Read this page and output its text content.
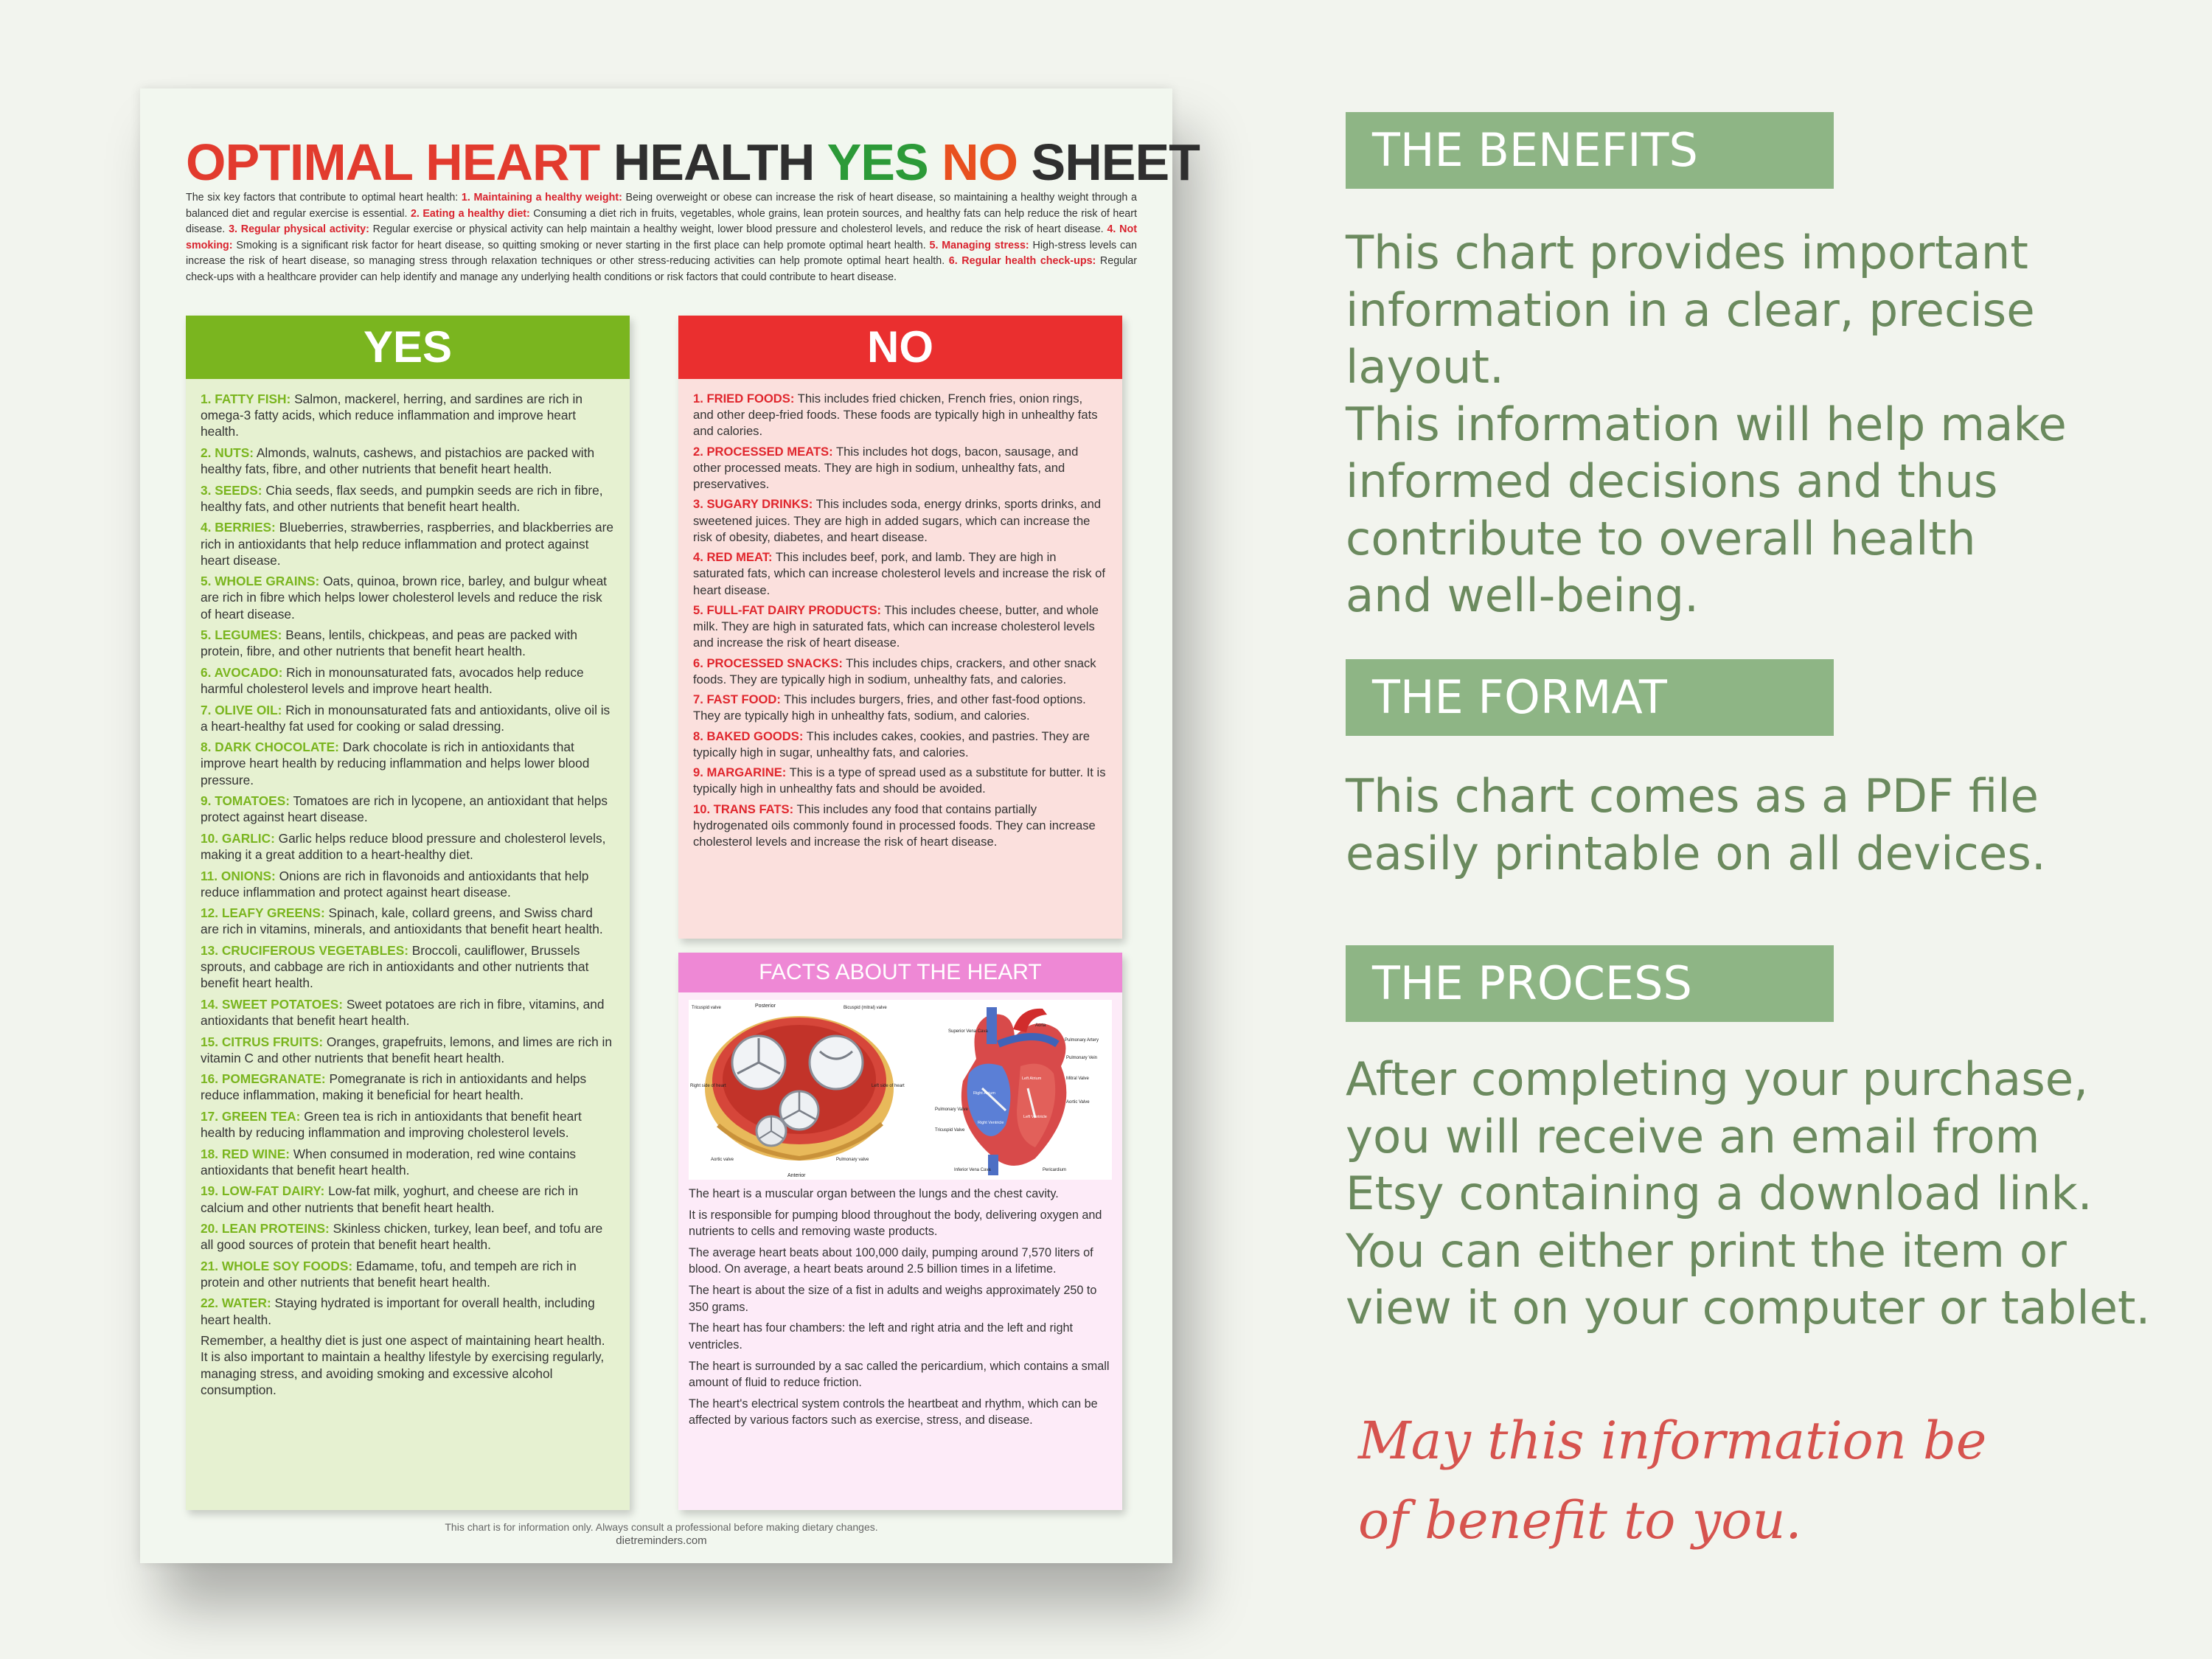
OPTIMAL HEART HEALTH YES NO SHEET
The six key factors that contribute to optimal heart health: 1. Maintaining a healthy weight: Being overweight or obese can increase the risk of heart disease, so maintaining a healthy weight through a balanced diet and regular exercise is essential. 2. Eating a healthy diet: Consuming a diet rich in fruits, vegetables, whole grains, lean protein sources, and healthy fats can help reduce the risk of heart disease. 3. Regular physical activity: Regular exercise or physical activity can help maintain a healthy weight, lower blood pressure and cholesterol levels, and reduce the risk of heart disease. 4. Not smoking: Smoking is a significant risk factor for heart disease, so quitting smoking or never starting in the first place can help promote optimal heart health. 5. Managing stress: High-stress levels can increase the risk of heart disease, so managing stress through relaxation techniques or other stress-reducing activities can help promote optimal heart health. 6. Regular health check-ups: Regular check-ups with a healthcare provider can help identify and manage any underlying health conditions or risk factors that could contribute to heart disease.
YES

1. FATTY FISH: Salmon, mackerel, herring, and sardines are rich in omega-3 fatty acids, which reduce inflammation and improve heart health.

2. NUTS: Almonds, walnuts, cashews, and pistachios are packed with healthy fats, fibre, and other nutrients that benefit heart health.

3. SEEDS: Chia seeds, flax seeds, and pumpkin seeds are rich in fibre, healthy fats, and other nutrients that benefit heart health.

4. BERRIES: Blueberries, strawberries, raspberries, and blackberries are rich in antioxidants that help reduce inflammation and protect against heart disease.

5. WHOLE GRAINS: Oats, quinoa, brown rice, barley, and bulgur wheat are rich in fibre which helps lower cholesterol levels and reduce the risk of heart disease.

5. LEGUMES: Beans, lentils, chickpeas, and peas are packed with protein, fibre, and other nutrients that benefit heart health.

6. AVOCADO: Rich in monounsaturated fats, avocados help reduce harmful cholesterol levels and improve heart health.

7. OLIVE OIL: Rich in monounsaturated fats and antioxidants, olive oil is a heart-healthy fat used for cooking or salad dressing.

8. DARK CHOCOLATE: Dark chocolate is rich in antioxidants that improve heart health by reducing inflammation and helps lower blood pressure.

9. TOMATOES: Tomatoes are rich in lycopene, an antioxidant that helps protect against heart disease.

10. GARLIC: Garlic helps reduce blood pressure and cholesterol levels, making it a great addition to a heart-healthy diet.

11. ONIONS: Onions are rich in flavonoids and antioxidants that help reduce inflammation and protect against heart disease.

12. LEAFY GREENS: Spinach, kale, collard greens, and Swiss chard are rich in vitamins, minerals, and antioxidants that benefit heart health.

13. CRUCIFEROUS VEGETABLES: Broccoli, cauliflower, Brussels sprouts, and cabbage are rich in antioxidants and other nutrients that benefit heart health.

14. SWEET POTATOES: Sweet potatoes are rich in fibre, vitamins, and antioxidants that benefit heart health.

15. CITRUS FRUITS: Oranges, grapefruits, lemons, and limes are rich in vitamin C and other nutrients that benefit heart health.

16. POMEGRANATE: Pomegranate is rich in antioxidants and helps reduce inflammation, making it beneficial for heart health.

17. GREEN TEA: Green tea is rich in antioxidants that benefit heart health by reducing inflammation and improving cholesterol levels.

18. RED WINE: When consumed in moderation, red wine contains antioxidants that benefit heart health.

19. LOW-FAT DAIRY: Low-fat milk, yoghurt, and cheese are rich in calcium and other nutrients that benefit heart health.

20. LEAN PROTEINS: Skinless chicken, turkey, lean beef, and tofu are all good sources of protein that benefit heart health.

21. WHOLE SOY FOODS: Edamame, tofu, and tempeh are rich in protein and other nutrients that benefit heart health.

22. WATER: Staying hydrated is important for overall health, including heart health.

Remember, a healthy diet is just one aspect of maintaining heart health. It is also important to maintain a healthy lifestyle by exercising regularly, managing stress, and avoiding smoking and excessive alcohol consumption.

NO

1. FRIED FOODS: This includes fried chicken, French fries, onion rings, and other deep-fried foods. These foods are typically high in unhealthy fats and calories.

2. PROCESSED MEATS: This includes hot dogs, bacon, sausage, and other processed meats. They are high in sodium, unhealthy fats, and preservatives.

3. SUGARY DRINKS: This includes soda, energy drinks, sports drinks, and sweetened juices. They are high in added sugars, which can increase the risk of obesity, diabetes, and heart disease.

4. RED MEAT: This includes beef, pork, and lamb. They are high in saturated fats, which can increase cholesterol levels and increase the risk of heart disease.

5. FULL-FAT DAIRY PRODUCTS: This includes cheese, butter, and whole milk. They are high in saturated fats, which can increase cholesterol levels and increase the risk of heart disease.

6. PROCESSED SNACKS: This includes chips, crackers, and other snack foods. They are typically high in sodium, unhealthy fats, and calories.

7. FAST FOOD: This includes burgers, fries, and other fast-food options. They are typically high in unhealthy fats, sodium, and calories.

8. BAKED GOODS: This includes cakes, cookies, and pastries. They are typically high in sugar, unhealthy fats, and calories.

9. MARGARINE: This is a type of spread used as a substitute for butter. It is typically high in unhealthy fats and should be avoided.

10. TRANS FATS: This includes any food that contains partially hydrogenated oils commonly found in processed foods. They can increase cholesterol levels and increase the risk of heart disease.

FACTS ABOUT THE HEART
Posterior
Tricuspid valve	Bicuspid (mitral) valve
Right side of heart	Left side of heart
Aortic valve	Pulmonary valve
Anterior
Superior Vena Cava
Aorta
Pulmonary Artery
Pulmonary Vein
Mitral Valve
Aortic Valve
Pulmonary Valve
Tricuspid Valve
Inferior Vena Cava	Pericardium
Right Atrium
Left Atrium
Right Ventricle
Left Ventricle

The heart is a muscular organ between the lungs and the chest cavity.

It is responsible for pumping blood throughout the body, delivering oxygen and nutrients to cells and removing waste products.

The average heart beats about 100,000 daily, pumping around 7,570 liters of blood. On average, a heart beats around 2.5 billion times in a lifetime.

The heart is about the size of a fist in adults and weighs approximately 250 to 350 grams.

The heart has four chambers: the left and right atria and the left and right ventricles.

The heart is surrounded by a sac called the pericardium, which contains a small amount of fluid to reduce friction.

The heart's electrical system controls the heartbeat and rhythm, which can be affected by various factors such as exercise, stress, and disease.

This chart is for information only. Always consult a professional before making dietary changes.
dietreminders.com
THE BENEFITS
This chart provides important
information in a clear, precise
layout.
This information will help make
informed decisions and thus
contribute to overall health
and well-being.
THE FORMAT
This chart comes as a PDF file
easily printable on all devices.
THE PROCESS
After completing your purchase,
you will receive an email from
Etsy containing a download link.
You can either print the item or
view it on your computer or tablet.
May this information be
of benefit to you.
